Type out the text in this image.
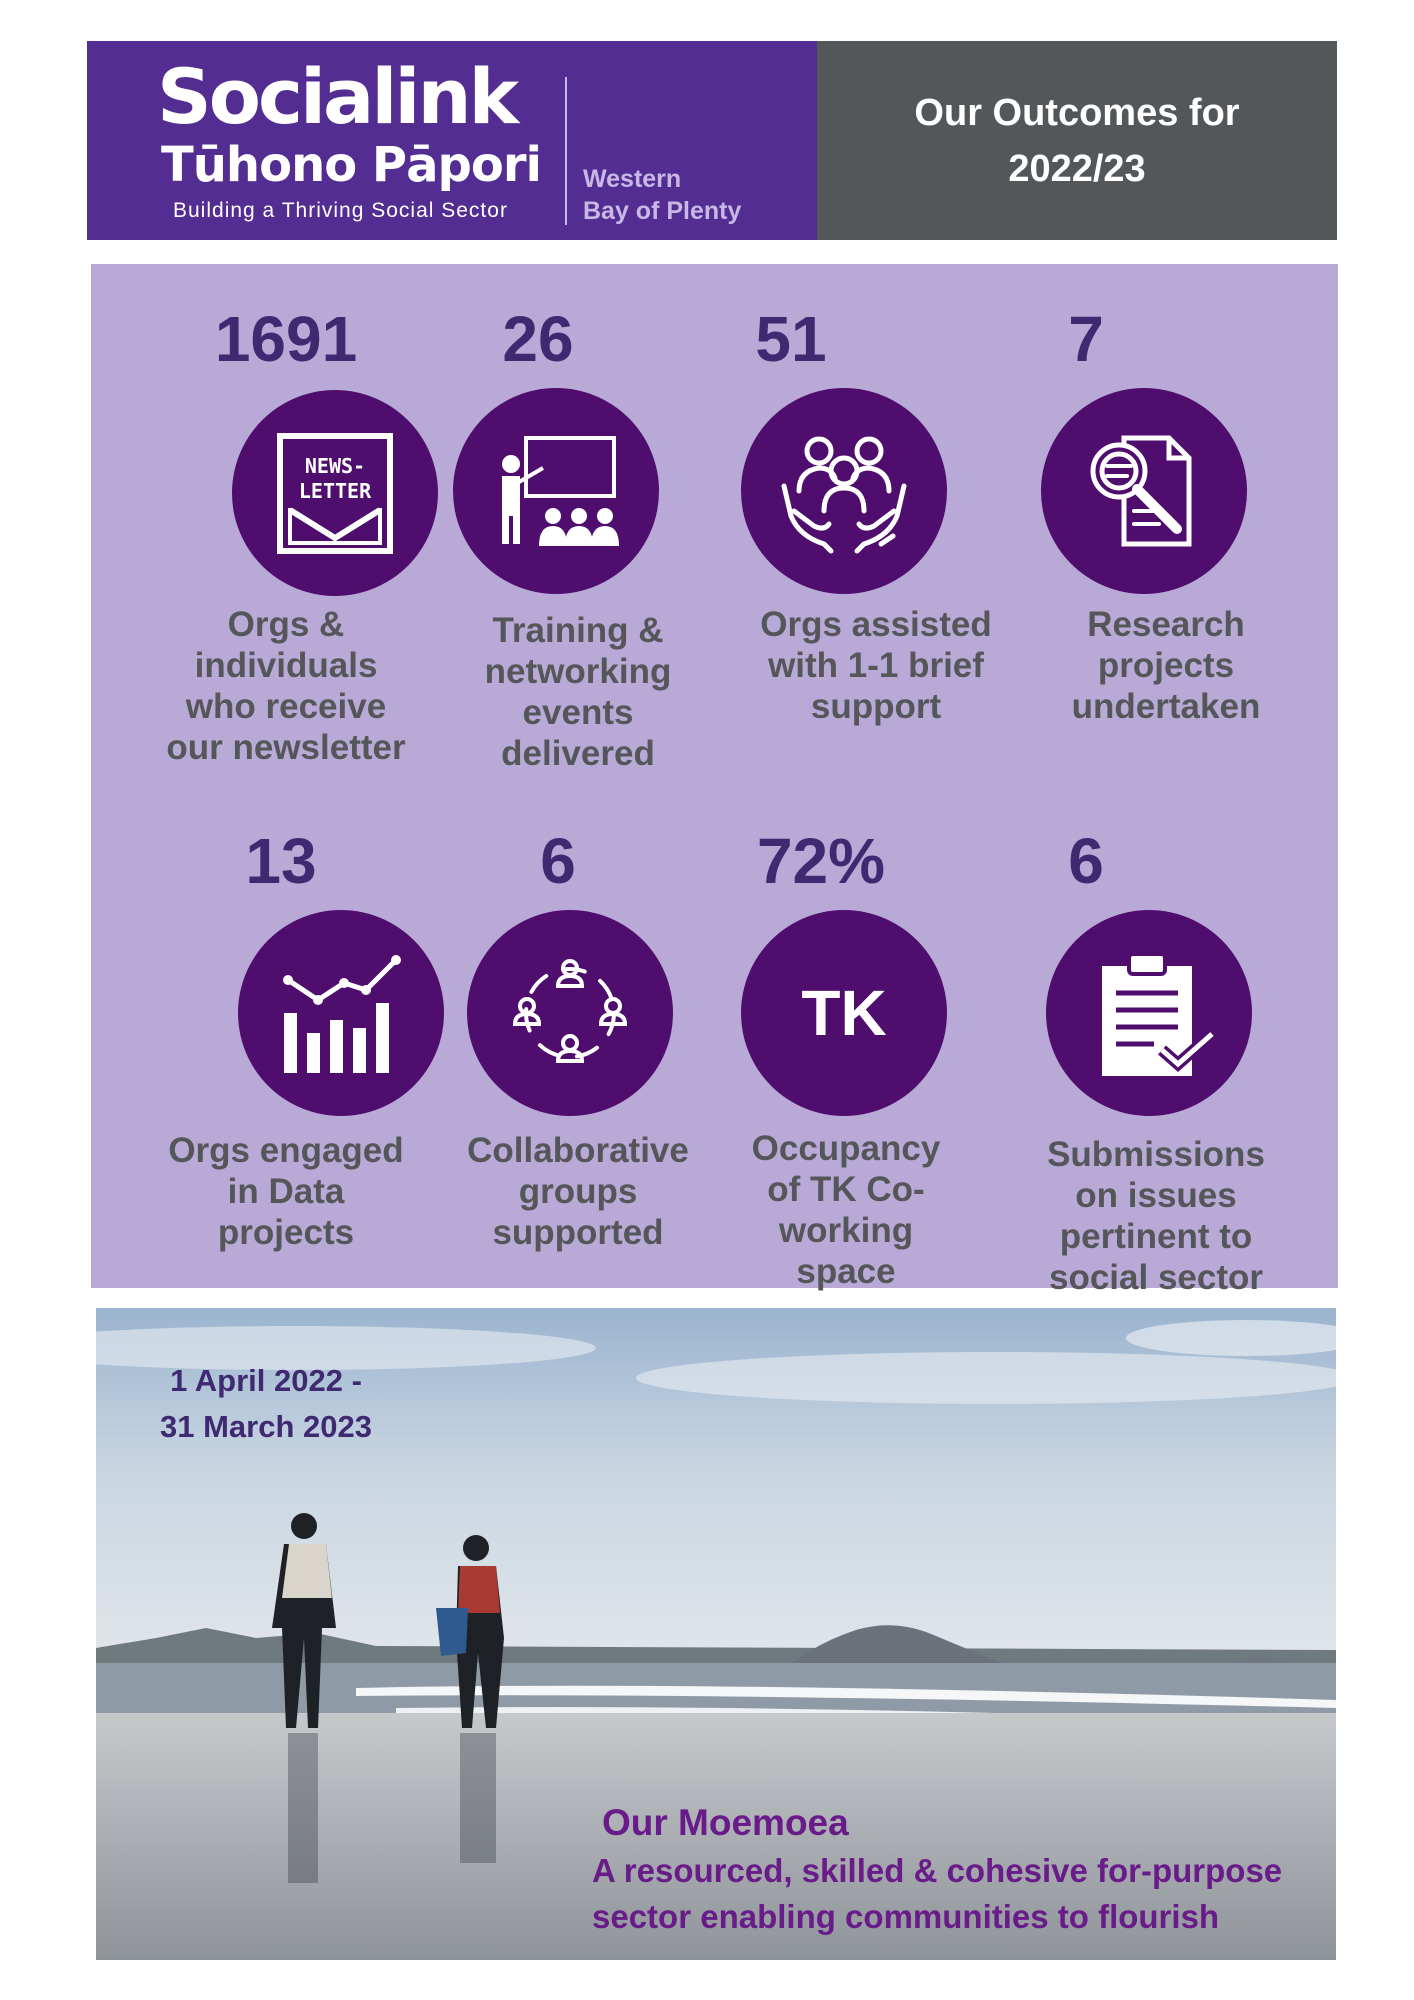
Socialink
Tūhono Pāpori
Building a Thriving Social Sector
Western
Bay of Plenty
Our Outcomes for
2022/23
1691
NEWS-
LETTER
Orgs &
individuals
who receive
our newsletter
26
Training &
networking
events
delivered
51
Orgs assisted
with 1-1 brief
support
7
Research
projects
undertaken
13
Orgs engaged
in Data
projects
6
Collaborative
groups
supported
72%
TK
Occupancy
of TK Co-
working
space
6
Submissions
on issues
pertinent to
social sector
1 April 2022 -
31 March 2023
Our Moemoea
A resourced, skilled & cohesive for-purpose
sector enabling communities to flourish
